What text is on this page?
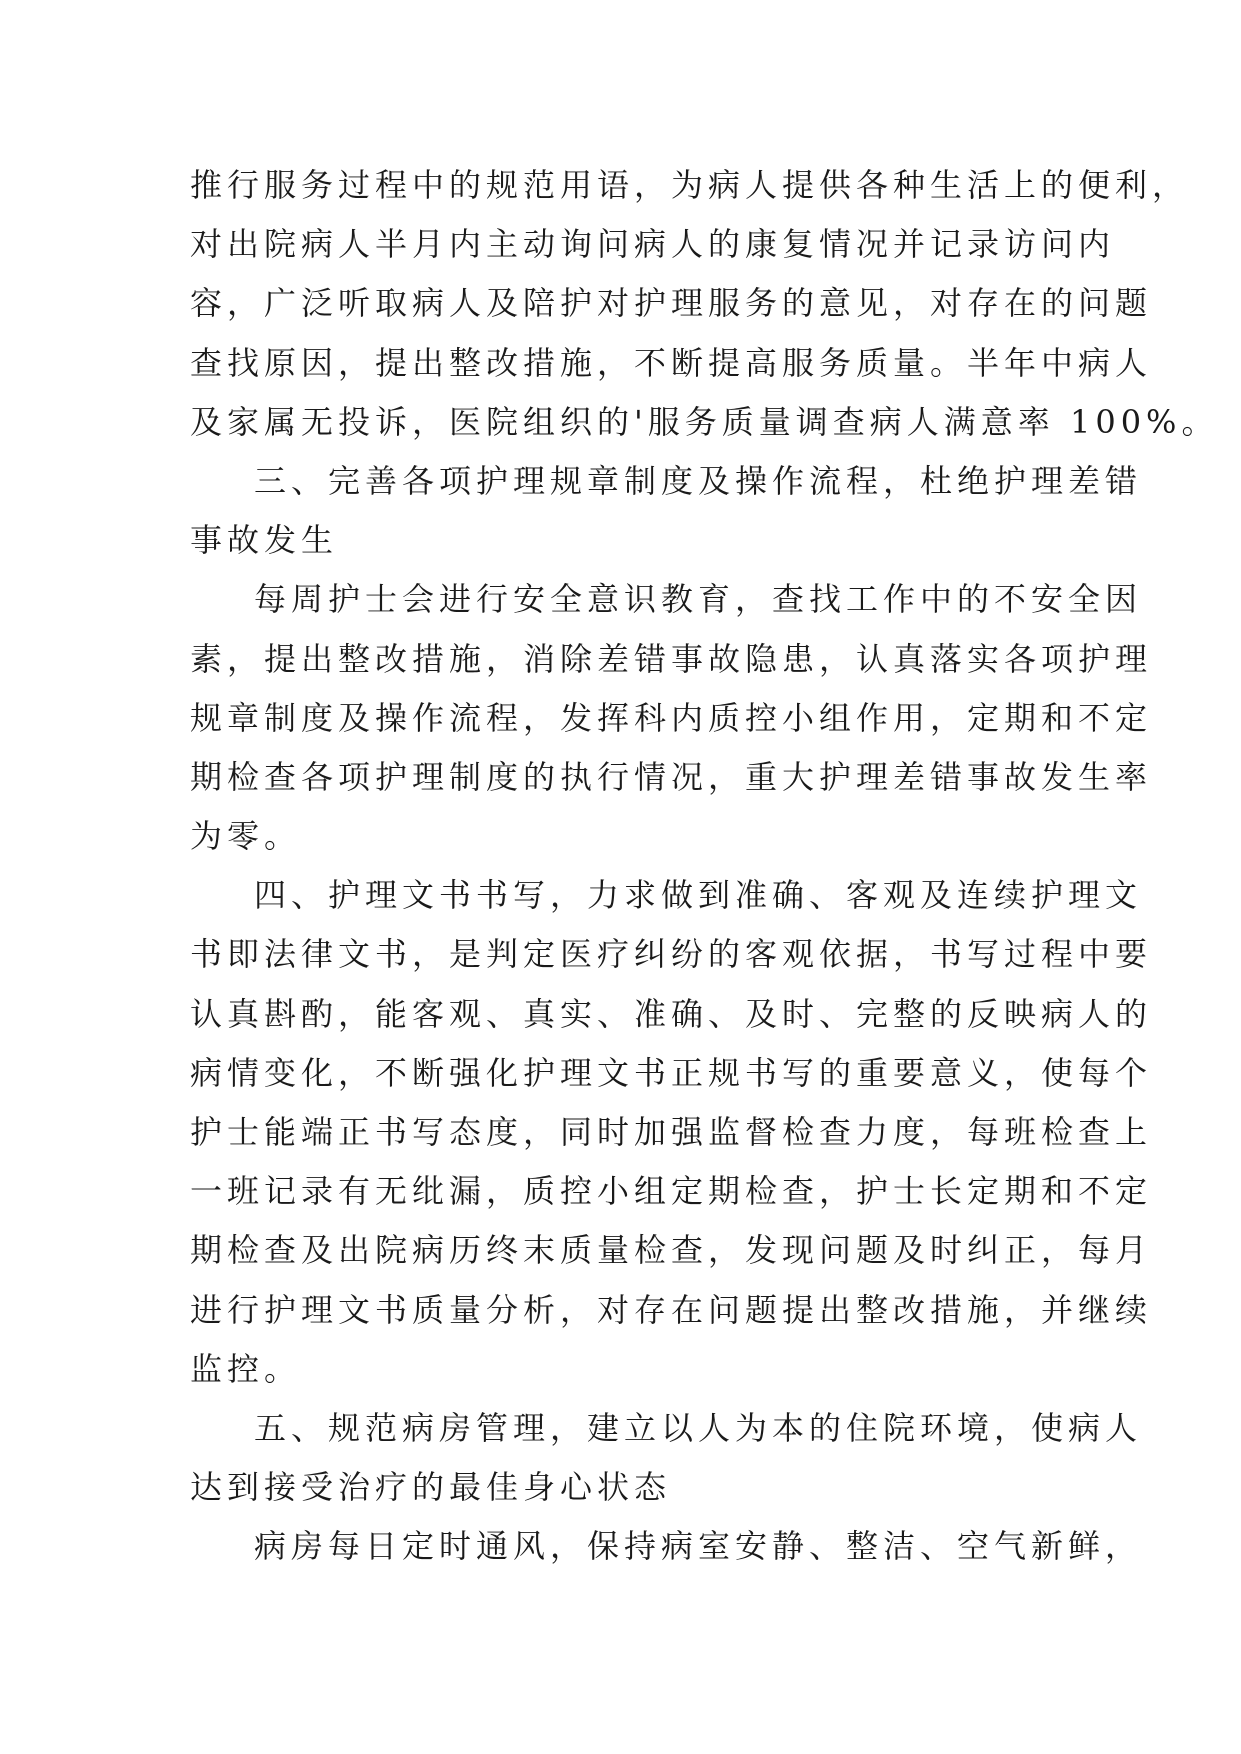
推行服务过程中的规范用语，为病人提供各种生活上的便利，
对出院病人半月内主动询问病人的康复情况并记录访问内
容，广泛听取病人及陪护对护理服务的意见，对存在的问题
查找原因，提出整改措施，不断提高服务质量。半年中病人
及家属无投诉，医院组织的'服务质量调查病人满意率 100%。
三、完善各项护理规章制度及操作流程，杜绝护理差错
事故发生
每周护士会进行安全意识教育，查找工作中的不安全因
素，提出整改措施，消除差错事故隐患，认真落实各项护理
规章制度及操作流程，发挥科内质控小组作用，定期和不定
期检查各项护理制度的执行情况，重大护理差错事故发生率
为零。
四、护理文书书写，力求做到准确、客观及连续护理文
书即法律文书，是判定医疗纠纷的客观依据，书写过程中要
认真斟酌，能客观、真实、准确、及时、完整的反映病人的
病情变化，不断强化护理文书正规书写的重要意义，使每个
护士能端正书写态度，同时加强监督检查力度，每班检查上
一班记录有无纰漏，质控小组定期检查，护士长定期和不定
期检查及出院病历终末质量检查，发现问题及时纠正，每月
进行护理文书质量分析，对存在问题提出整改措施，并继续
监控。
五、规范病房管理，建立以人为本的住院环境，使病人
达到接受治疗的最佳身心状态
病房每日定时通风，保持病室安静、整洁、空气新鲜，
